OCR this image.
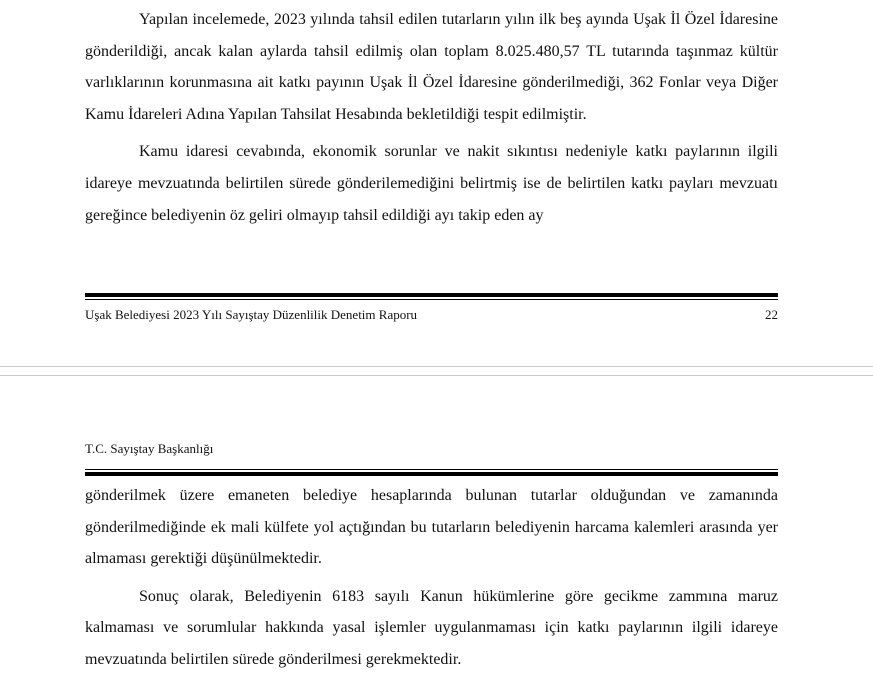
Yapılan incelemede, 2023 yılında tahsil edilen tutarların yılın ilk beş ayında Uşak İl Özel İdaresine gönderildiği, ancak kalan aylarda tahsil edilmiş olan toplam 8.025.480,57 TL tutarında taşınmaz kültür varlıklarının korunmasına ait katkı payının Uşak İl Özel İdaresine gönderilmediği, 362 Fonlar veya Diğer Kamu İdareleri Adına Yapılan Tahsilat Hesabında bekletildiği tespit edilmiştir.

Kamu idaresi cevabında, ekonomik sorunlar ve nakit sıkıntısı nedeniyle katkı paylarının ilgili idareye mevzuatında belirtilen sürede gönderilemediğini belirtmiş ise de belirtilen katkı payları mevzuatı gereğince belediyenin öz geliri olmayıp tahsil edildiği ayı takip eden ay

Uşak Belediyesi 2023 Yılı Sayıştay Düzenlilik Denetim Raporu	22
T.C. Sayıştay Başkanlığı

gönderilmek üzere emaneten belediye hesaplarında bulunan tutarlar olduğundan ve zamanında gönderilmediğinde ek mali külfete yol açtığından bu tutarların belediyenin harcama kalemleri arasında yer almaması gerektiği düşünülmektedir.

Sonuç olarak, Belediyenin 6183 sayılı Kanun hükümlerine göre gecikme zammına maruz kalmaması ve sorumlular hakkında yasal işlemler uygulanmaması için katkı paylarının ilgili idareye mevzuatında belirtilen sürede gönderilmesi gerekmektedir.
